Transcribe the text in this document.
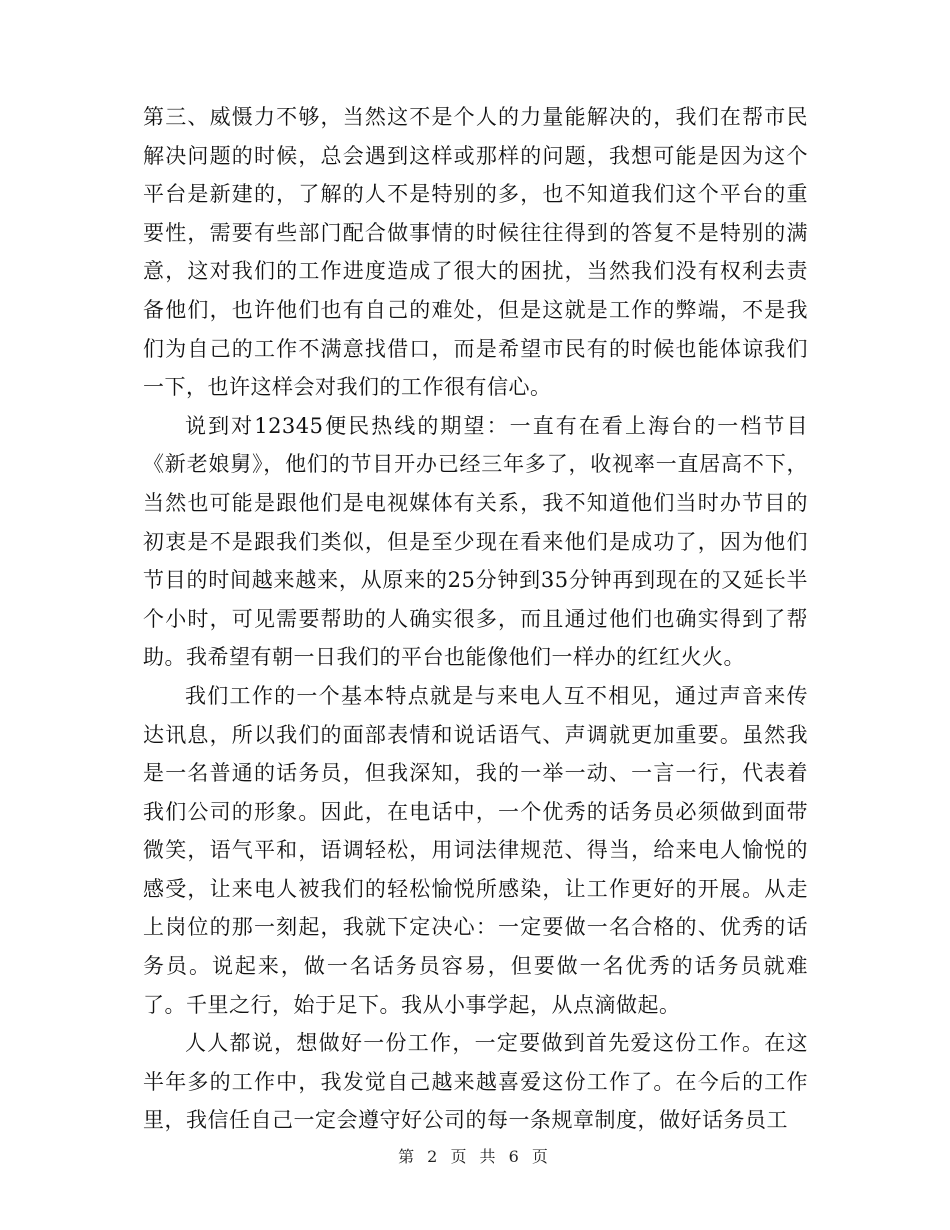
第三、威慑力不够，当然这不是个人的力量能解决的，我们在帮市民解决问题的时候，总会遇到这样或那样的问题，我想可能是因为这个平台是新建的，了解的人不是特别的多，也不知道我们这个平台的重要性，需要有些部门配合做事情的时候往往得到的答复不是特别的满意，这对我们的工作进度造成了很大的困扰，当然我们没有权利去责备他们，也许他们也有自己的难处，但是这就是工作的弊端，不是我们为自己的工作不满意找借口，而是希望市民有的时候也能体谅我们一下，也许这样会对我们的工作很有信心。

说到对12345便民热线的期望：一直有在看上海台的一档节目《新老娘舅》，他们的节目开办已经三年多了，收视率一直居高不下，当然也可能是跟他们是电视媒体有关系，我不知道他们当时办节目的初衷是不是跟我们类似，但是至少现在看来他们是成功了，因为他们节目的时间越来越来，从原来的25分钟到35分钟再到现在的又延长半个小时，可见需要帮助的人确实很多，而且通过他们也确实得到了帮助。我希望有朝一日我们的平台也能像他们一样办的红红火火。

我们工作的一个基本特点就是与来电人互不相见，通过声音来传达讯息，所以我们的面部表情和说话语气、声调就更加重要。虽然我是一名普通的话务员，但我深知，我的一举一动、一言一行，代表着我们公司的形象。因此，在电话中，一个优秀的话务员必须做到面带微笑，语气平和，语调轻松，用词法律规范、得当，给来电人愉悦的感受，让来电人被我们的轻松愉悦所感染，让工作更好的开展。从走上岗位的那一刻起，我就下定决心：一定要做一名合格的、优秀的话务员。说起来，做一名话务员容易，但要做一名优秀的话务员就难了。千里之行，始于足下。我从小事学起，从点滴做起。

人人都说，想做好一份工作，一定要做到首先爱这份工作。在这半年多的工作中，我发觉自己越来越喜爱这份工作了。在今后的工作里，我信任自己一定会遵守好公司的每一条规章制度，做好话务员工

第 2 页 共 6 页
